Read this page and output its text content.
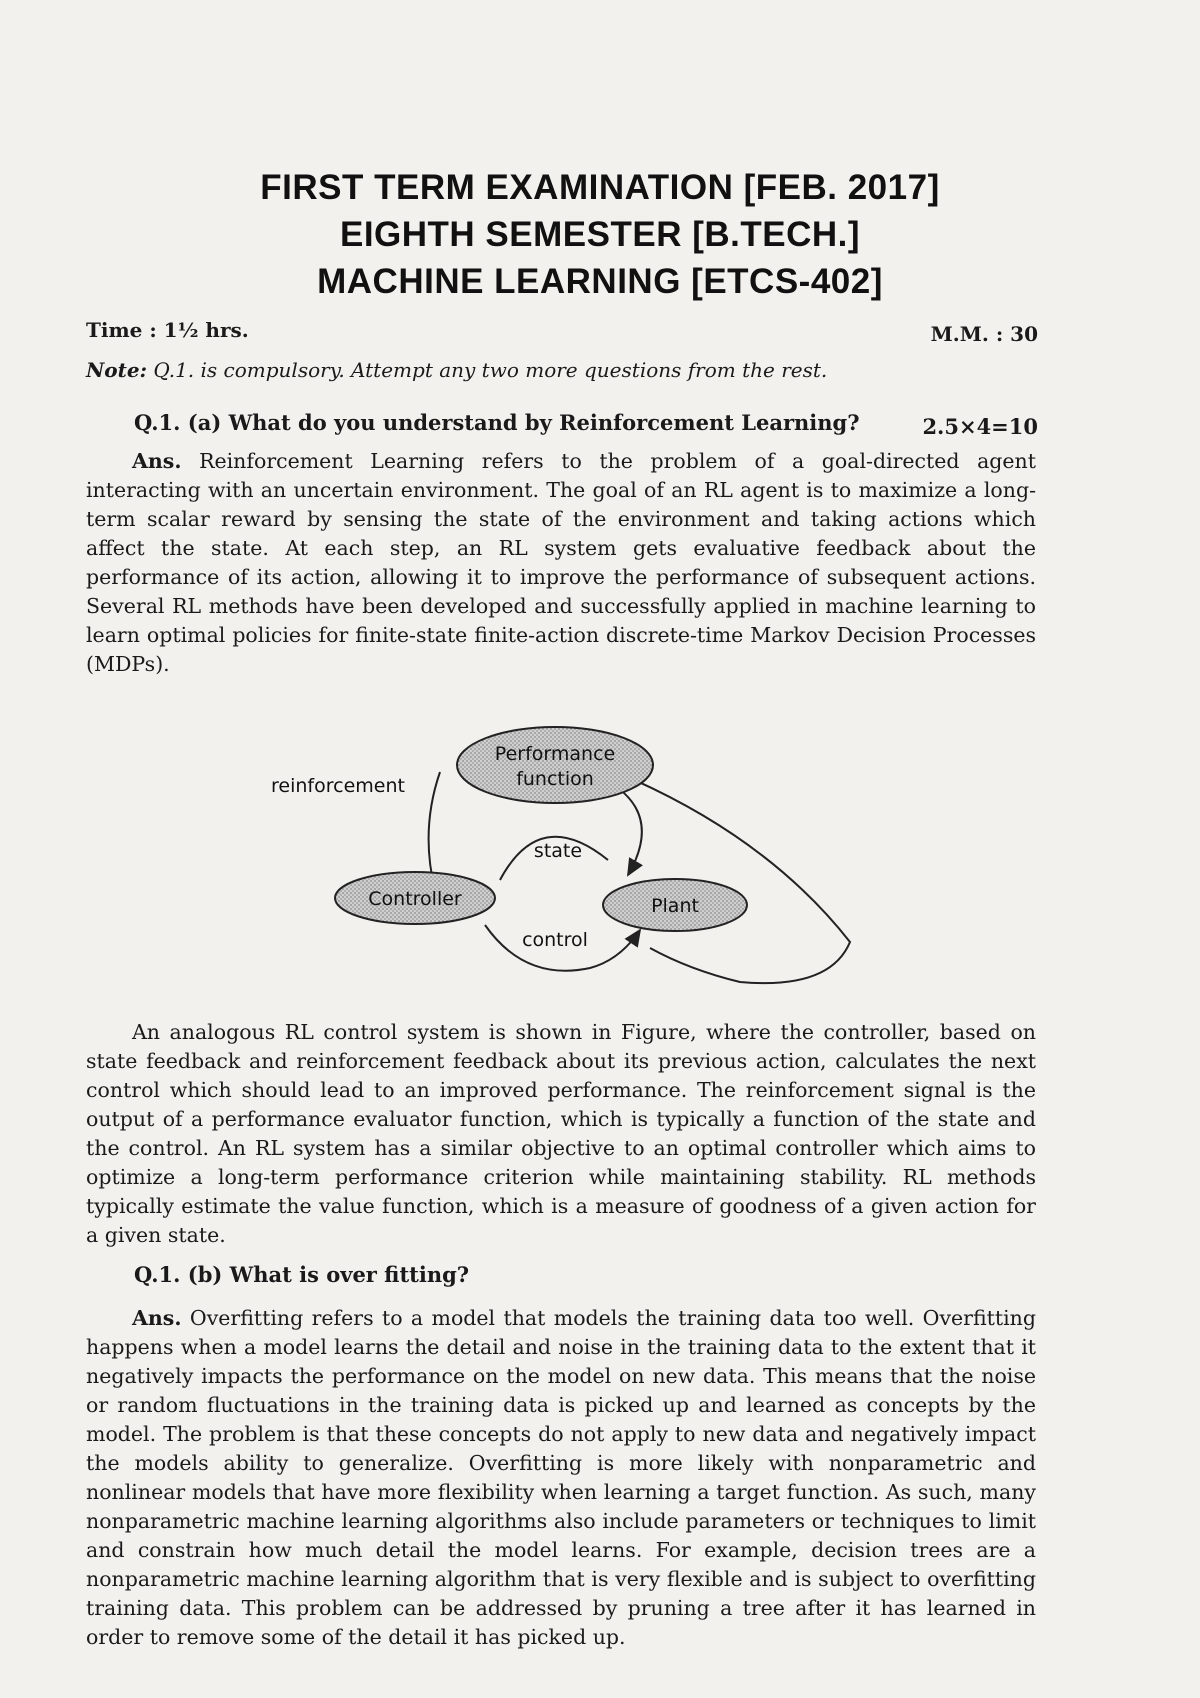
FIRST TERM EXAMINATION [FEB. 2017]
EIGHTH SEMESTER [B.TECH.]
MACHINE LEARNING [ETCS-402]
Time : 1½ hrs.	M.M. : 30
Note: Q.1. is compulsory. Attempt any two more questions from the rest.
Q.1. (a) What do you understand by Reinforcement Learning?	2.5×4=10
Ans. Reinforcement Learning refers to the problem of a goal-directed agent interacting with an uncertain environment. The goal of an RL agent is to maximize a long-term scalar reward by sensing the state of the environment and taking actions which affect the state. At each step, an RL system gets evaluative feedback about the performance of its action, allowing it to improve the performance of subsequent actions. Several RL methods have been developed and successfully applied in machine learning to learn optimal policies for finite-state finite-action discrete-time Markov Decision Processes (MDPs).
Performance
function
Controller	Plant
reinforcement
state
control
An analogous RL control system is shown in Figure, where the controller, based on state feedback and reinforcement feedback about its previous action, calculates the next control which should lead to an improved performance. The reinforcement signal is the output of a performance evaluator function, which is typically a function of the state and the control. An RL system has a similar objective to an optimal controller which aims to optimize a long-term performance criterion while maintaining stability. RL methods typically estimate the value function, which is a measure of goodness of a given action for a given state.
Q.1. (b) What is over fitting?
Ans. Overfitting refers to a model that models the training data too well. Overfitting happens when a model learns the detail and noise in the training data to the extent that it negatively impacts the performance on the model on new data. This means that the noise or random fluctuations in the training data is picked up and learned as concepts by the model. The problem is that these concepts do not apply to new data and negatively impact the models ability to generalize. Overfitting is more likely with nonparametric and nonlinear models that have more flexibility when learning a target function. As such, many nonparametric machine learning algorithms also include parameters or techniques to limit and constrain how much detail the model learns. For example, decision trees are a nonparametric machine learning algorithm that is very flexible and is subject to overfitting training data. This problem can be addressed by pruning a tree after it has learned in order to remove some of the detail it has picked up.
